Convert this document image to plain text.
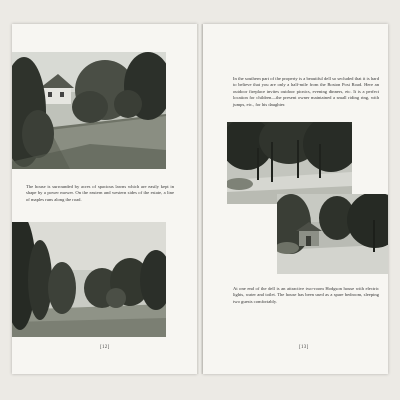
The house is surrounded by acres of spacious lawns which are easily kept in shape by a power mower. On the eastern and western sides of the estate, a line of maples runs along the road.

[12]

In the southern part of the property is a beautiful dell so secluded that it is hard to believe that you are only a half-mile from the Boston Post Road. Here an outdoor fireplace invites outdoor picnics, evening dinners, etc. It is a perfect location for children—the present owner maintained a small riding ring, with jumps, etc., for his daughter.

At one end of the dell is an attractive two-room Hodgson house with electric lights, water and toilet. The house has been used as a spare bedroom, sleeping two guests comfortably.

[13]
